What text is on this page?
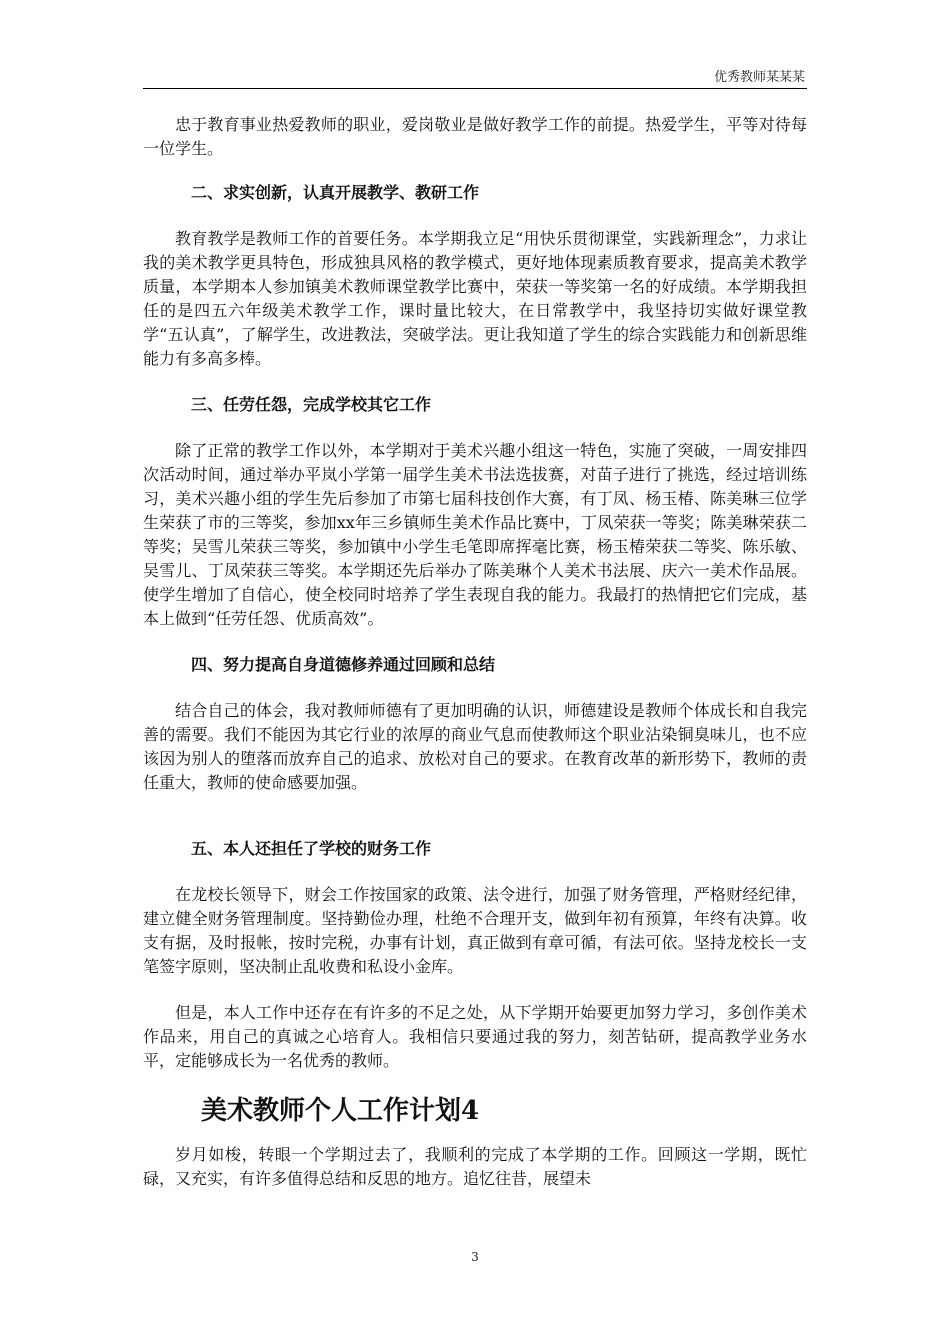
优秀教师某某某

忠于教育事业热爱教师的职业，爱岗敬业是做好教学工作的前提。热爱学生，平等对待每一位学生。

二、求实创新，认真开展教学、教研工作

教育教学是教师工作的首要任务。本学期我立足“用快乐贯彻课堂，实践新理念”，力求让我的美术教学更具特色，形成独具风格的教学模式，更好地体现素质教育要求，提高美术教学质量，本学期本人参加镇美术教师课堂教学比赛中，荣获一等奖第一名的好成绩。本学期我担任的是四五六年级美术教学工作，课时量比较大，在日常教学中，我坚持切实做好课堂教学“五认真”，了解学生，改进教法，突破学法。更让我知道了学生的综合实践能力和创新思维能力有多高多棒。

三、任劳任怨，完成学校其它工作

除了正常的教学工作以外，本学期对于美术兴趣小组这一特色，实施了突破，一周安排四次活动时间，通过举办平岚小学第一届学生美术书法选拔赛，对苗子进行了挑选，经过培训练习，美术兴趣小组的学生先后参加了市第七届科技创作大赛，有丁凤、杨玉椿、陈美琳三位学生荣获了市的三等奖，参加xx年三乡镇师生美术作品比赛中，丁凤荣获一等奖；陈美琳荣获二等奖；吴雪儿荣获三等奖，参加镇中小学生毛笔即席挥毫比赛，杨玉椿荣获二等奖、陈乐敏、吴雪儿、丁凤荣获三等奖。本学期还先后举办了陈美琳个人美术书法展、庆六一美术作品展。使学生增加了自信心，使全校同时培养了学生表现自我的能力。我最打的热情把它们完成，基本上做到“任劳任怨、优质高效”。

四、努力提高自身道德修养通过回顾和总结

结合自己的体会，我对教师师德有了更加明确的认识，师德建设是教师个体成长和自我完善的需要。我们不能因为其它行业的浓厚的商业气息而使教师这个职业沾染铜臭味儿，也不应该因为别人的堕落而放弃自己的追求、放松对自己的要求。在教育改革的新形势下，教师的责任重大，教师的使命感要加强。

五、本人还担任了学校的财务工作

在龙校长领导下，财会工作按国家的政策、法令进行，加强了财务管理，严格财经纪律，建立健全财务管理制度。坚持勤俭办理，杜绝不合理开支，做到年初有预算，年终有决算。收支有据，及时报帐，按时完税，办事有计划，真正做到有章可循，有法可依。坚持龙校长一支笔签字原则，坚决制止乱收费和私设小金库。

但是，本人工作中还存在有许多的不足之处，从下学期开始要更加努力学习，多创作美术作品来，用自己的真诚之心培育人。我相信只要通过我的努力，刻苦钻研，提高教学业务水平，定能够成长为一名优秀的教师。

美术教师个人工作计划4

岁月如梭，转眼一个学期过去了，我顺利的完成了本学期的工作。回顾这一学期，既忙碌，又充实，有许多值得总结和反思的地方。追忆往昔，展望未

3
